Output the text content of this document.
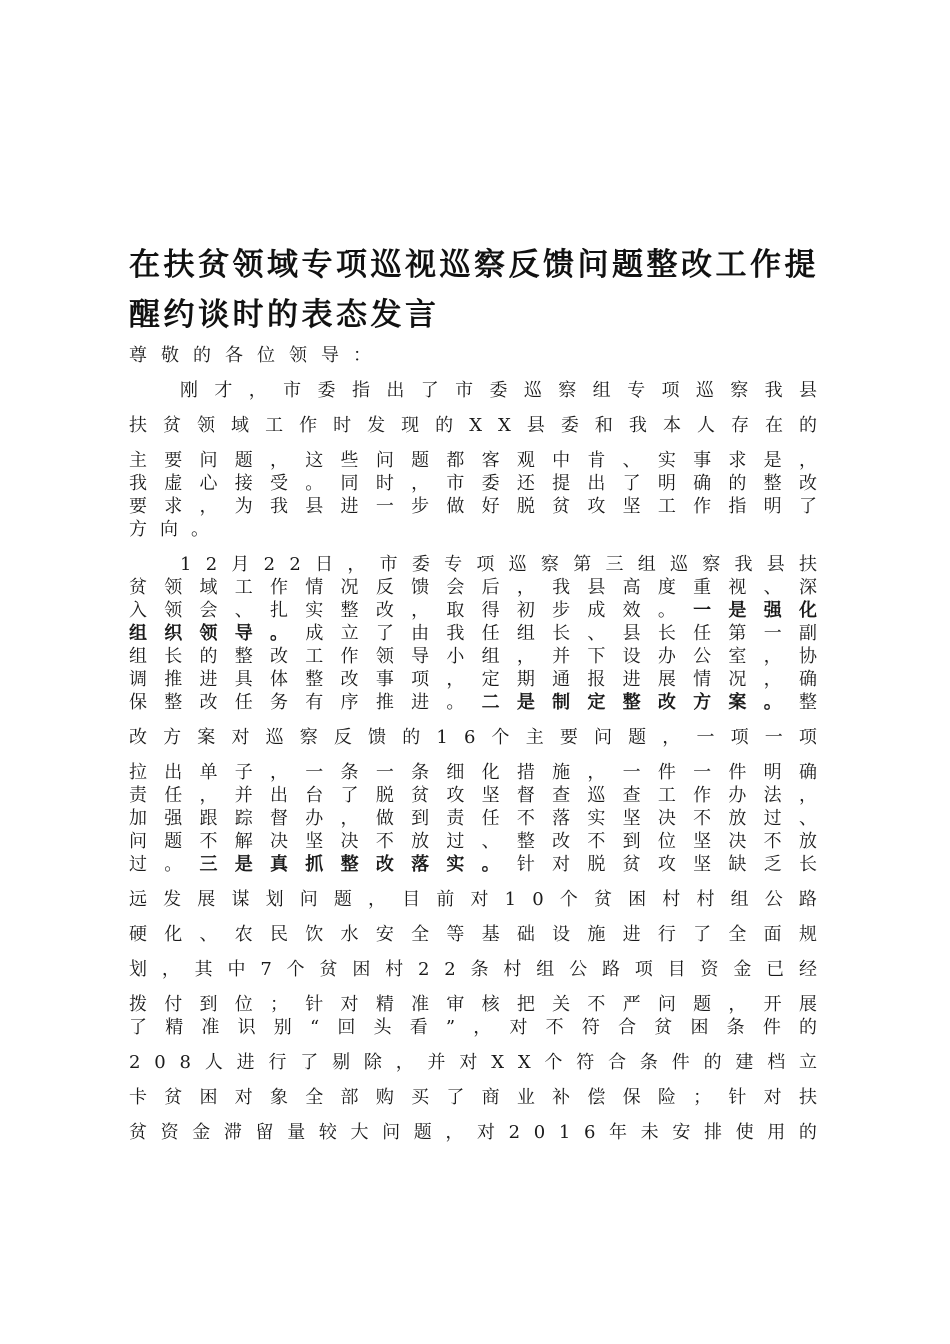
在扶贫领域专项巡视巡察反馈问题整改工作提
醒约谈时的表态发言
尊敬的各位领导：
刚才，市委指出了市委巡察组专项巡察我县
扶贫领域工作时发现的XX县委和我本人存在的
主要问题，这些问题都客观中肯、实事求是，
我虚心接受。同时，市委还提出了明确的整改
要求，为我县进一步做好脱贫攻坚工作指明了
方向。
12月22日，市委专项巡察第三组巡察我县扶
贫领域工作情况反馈会后，我县高度重视、深
入领会、扎实整改，取得初步成效。一是强化
组织领导。成立了由我任组长、县长任第一副
组长的整改工作领导小组，并下设办公室，协
调推进具体整改事项，定期通报进展情况，确
保整改任务有序推进。二是制定整改方案。整
改方案对巡察反馈的16个主要问题，一项一项
拉出单子，一条一条细化措施，一件一件明确
责任，并出台了脱贫攻坚督查巡查工作办法，
加强跟踪督办，做到责任不落实坚决不放过、
问题不解决坚决不放过、整改不到位坚决不放
过。三是真抓整改落实。针对脱贫攻坚缺乏长
远发展谋划问题，目前对10个贫困村村组公路
硬化、农民饮水安全等基础设施进行了全面规
划，其中7个贫困村22条村组公路项目资金已经
拨付到位；针对精准审核把关不严问题，开展
了精准识别“回头看”，对不符合贫困条件的
208人进行了剔除，并对XX个符合条件的建档立
卡贫困对象全部购买了商业补偿保险；针对扶
贫资金滞留量较大问题，对2016年未安排使用的
